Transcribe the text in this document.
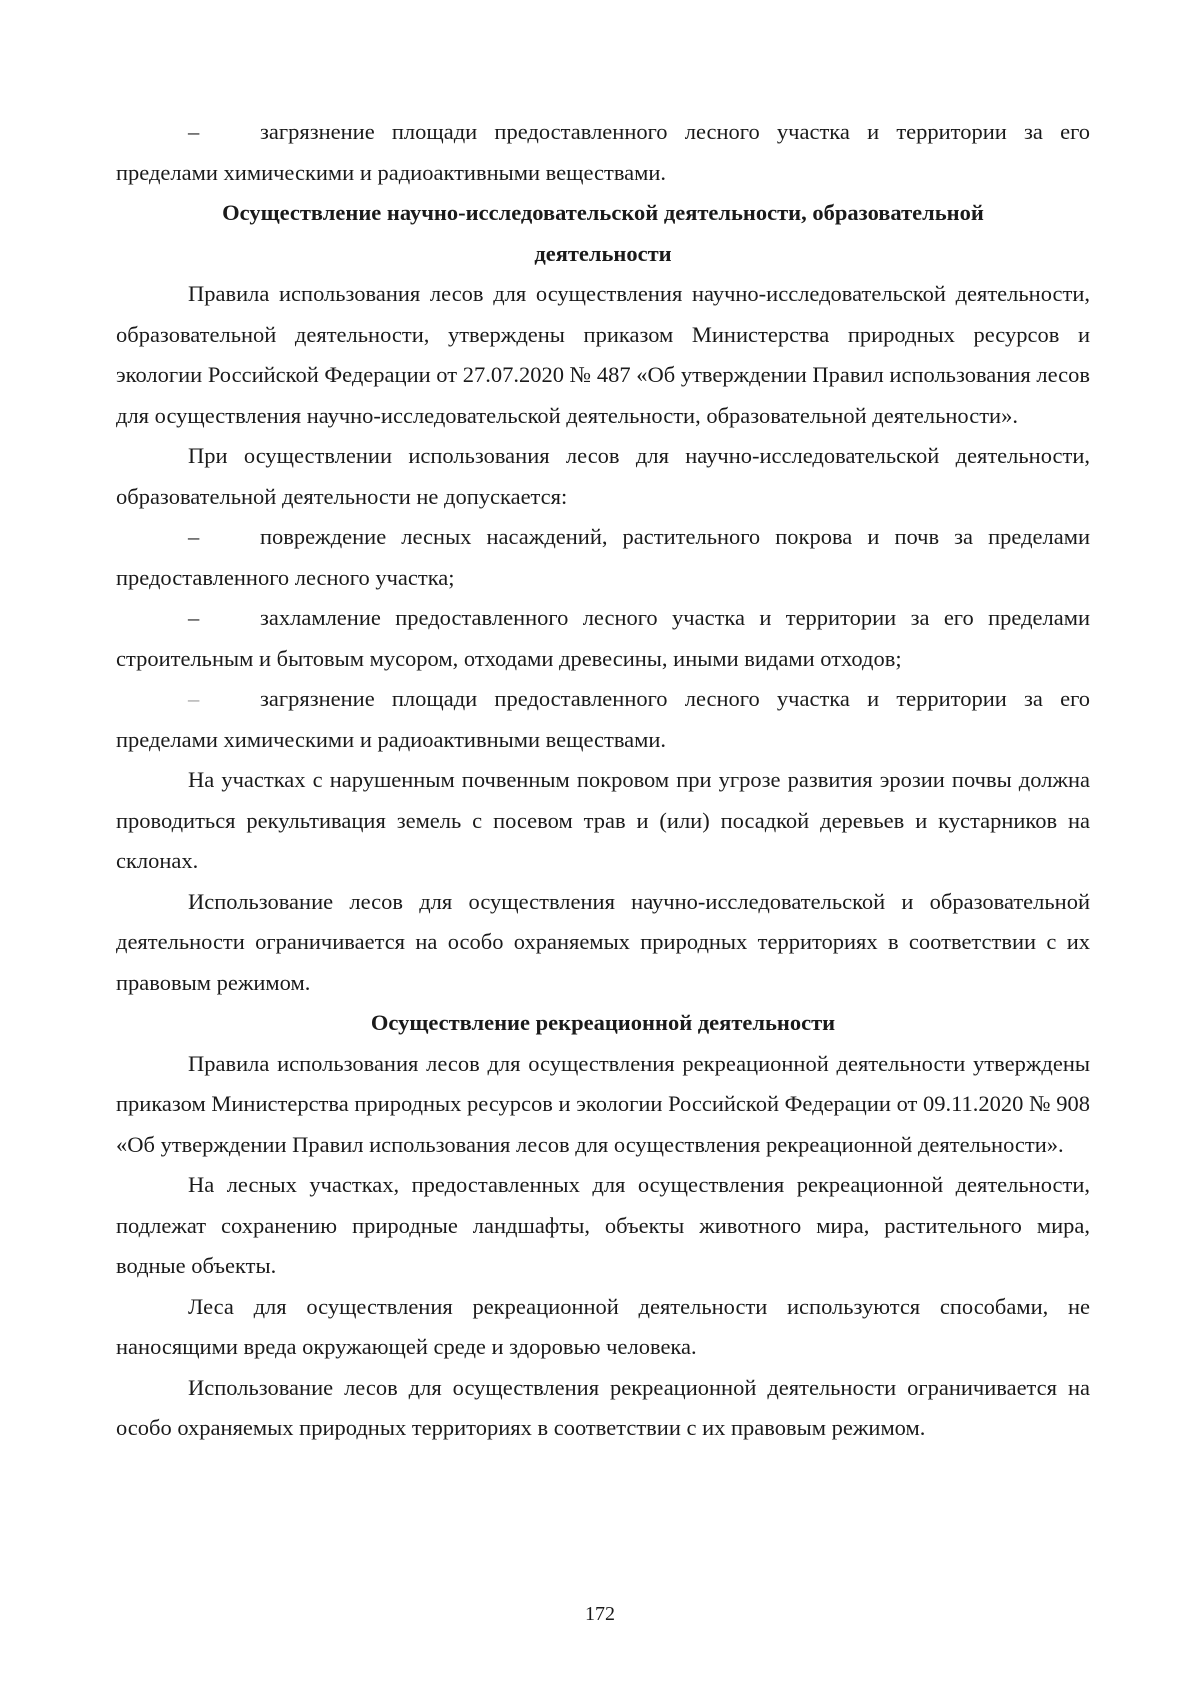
–	загрязнение площади предоставленного лесного участка и территории за его пределами химическими и радиоактивными веществами.

Осуществление научно-исследовательской деятельности, образовательной деятельности

Правила использования лесов для осуществления научно-исследовательской деятельности, образовательной деятельности, утверждены приказом Министерства природных ресурсов и экологии Российской Федерации от 27.07.2020 № 487 «Об утверждении Правил использования лесов для осуществления научно-исследовательской деятельности, образовательной деятельности».

При осуществлении использования лесов для научно-исследовательской деятельности, образовательной деятельности не допускается:

–	повреждение лесных насаждений, растительного покрова и почв за пределами предоставленного лесного участка;

–	захламление предоставленного лесного участка и территории за его пределами строительным и бытовым мусором, отходами древесины, иными видами отходов;

–	загрязнение площади предоставленного лесного участка и территории за его пределами химическими и радиоактивными веществами.

На участках с нарушенным почвенным покровом при угрозе развития эрозии почвы должна проводиться рекультивация земель с посевом трав и (или) посадкой деревьев и кустарников на склонах.

Использование лесов для осуществления научно-исследовательской и образовательной деятельности ограничивается на особо охраняемых природных территориях в соответствии с их правовым режимом.

Осуществление рекреационной деятельности

Правила использования лесов для осуществления рекреационной деятельности утверждены приказом Министерства природных ресурсов и экологии Российской Федерации от 09.11.2020 № 908 «Об утверждении Правил использования лесов для осуществления рекреационной деятельности».

На лесных участках, предоставленных для осуществления рекреационной деятельности, подлежат сохранению природные ландшафты, объекты животного мира, растительного мира, водные объекты.

Леса для осуществления рекреационной деятельности используются способами, не наносящими вреда окружающей среде и здоровью человека.

Использование лесов для осуществления рекреационной деятельности ограничивается на особо охраняемых природных территориях в соответствии с их правовым режимом.

172
